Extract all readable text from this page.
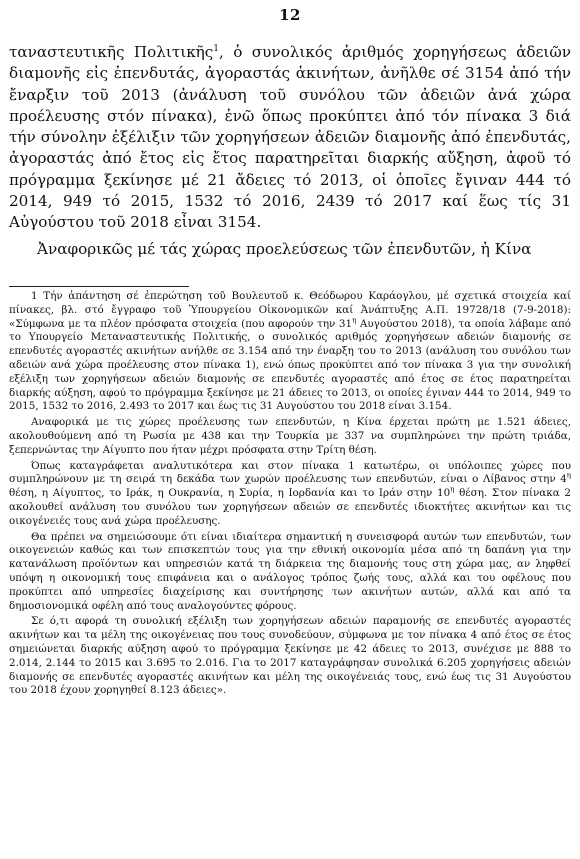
12

ταναστευτικῆς Πολιτικῆς$^1$, ὁ συνολικός ἀριθμός χορηγήσεως ἀδειῶν διαμονῆς εἰς ἐπενδυτάς, ἀγοραστάς ἀκινήτων, ἀνῆλθε σέ 3154 ἀπό τήν ἔναρξιν τοῦ 2013 (ἀνάλυση τοῦ συνόλου τῶν ἀδειῶν ἀνά χώρα προέλευσης στόν πίνακα), ἐνῶ ὅπως προκύπτει ἀπό τόν πίνακα 3 διά τήν σύνολην ἐξέλιξιν τῶν χορηγήσεων ἀδειῶν διαμονῆς ἀπό ἐπενδυτάς, ἀγοραστάς ἀπό ἔτος εἰς ἔτος παρατηρεῖται διαρκής αὔξηση, ἀφοῦ τό πρόγραμμα ξεκίνησε μέ 21 ἄδειες τό 2013, οἱ ὁποῖες ἔγιναν 444 τό 2014, 949 τό 2015, 1532 τό 2016, 2439 τό 2017 καί ἕως τίς 31 Αὐγούστου τοῦ 2018 εἶναι 3154.

Ἀναφορικῶς μέ τάς χώρας προελεύσεως τῶν ἐπενδυτῶν, ἡ Κίνα

1 Τήν ἀπάντηση σέ ἐπερώτηση τοῦ Βουλευτοῦ κ. Θεόδωρου Καράογλου, μέ σχετικά στοιχεία καί πίνακες, βλ. στό ἔγγραφο τοῦ Ὑπουργείου Οἰκονομικῶν καί Ἀνάπτυξης Α.Π. 19728/18 (7-9-2018): «Σύμφωνα με τα πλέον πρόσφατα στοιχεία (που αφορούν την $31^\eta$ Αυγούστου 2018), τα οποία λάβαμε από το Υπουργείο Μεταναστευτικής Πολιτικής, ο συνολικός αριθμός χορηγήσεων αδειών διαμονής σε επενδυτές αγοραστές ακινήτων ανήλθε σε 3.154 από την έναρξη του το 2013 (ανάλυση του συνόλου των αδειών ανά χώρα προέλευσης στον πίνακα 1), ενώ όπως προκύπτει από τον πίνακα 3 για την συνολική εξέλιξη των χορηγήσεων αδειών διαμονής σε επενδυτές αγοραστές από έτος σε έτος παρατηρείται διαρκής αύξηση, αφού το πρόγραμμα ξεκίνησε με 21 άδειες το 2013, οι οποίες έγιναν 444 το 2014, 949 το 2015, 1532 το 2016, 2.493 το 2017 και έως τις 31 Αυγούστου του 2018 είναι 3.154.

Αναφορικά με τις χώρες προέλευσης των επενδυτών, η Κίνα έρχεται πρώτη με 1.521 άδειες, ακολουθούμενη από τη Ρωσία με 438 και την Τουρκία με 337 να συμπληρώνει την πρώτη τριάδα, ξεπερνώντας την Αίγυπτο που ήταν μέχρι πρόσφατα στην Τρίτη θέση.

Όπως καταγράφεται αναλυτικότερα και στον πίνακα 1 κατωτέρω, οι υπόλοιπες χώρες που συμπληρώνουν με τη σειρά τη δεκάδα των χωρών προέλευσης των επενδυτών, είναι ο Λίβανος στην $4^\eta$ θέση, η Αίγυπτος, το Ιράκ, η Ουκρανία, η Συρία, η Ιορδανία και το Ιράν στην $10^\eta$ θέση. Στον πίνακα 2 ακολουθεί ανάλυση του συνόλου των χορηγήσεων αδειών σε επενδυτές ιδιοκτήτες ακινήτων και τις οικογένειές τους ανά χώρα προέλευσης.

Θα πρέπει να σημειώσουμε ότι είναι ιδιαίτερα σημαντική η συνεισφορά αυτών των επενδυτών, των οικογενειών καθώς και των επισκεπτών τους για την εθνική οικονομία μέσα από τη δαπάνη για την κατανάλωση προϊόντων και υπηρεσιών κατά τη διάρκεια της διαμονής τους στη χώρα μας, αν ληφθεί υπόψη η οικονομική τους επιφάνεια και ο ανάλογος τρόπος ζωής τους, αλλά και του οφέλους που προκύπτει από υπηρεσίες διαχείρισης και συντήρησης των ακινήτων αυτών, αλλά και από τα δημοσιονομικά οφέλη από τους αναλογούντες φόρους.

Σε ό,τι αφορά τη συνολική εξέλιξη των χορηγήσεων αδειών παραμονής σε επενδυτές αγοραστές ακινήτων και τα μέλη της οικογένειας που τους συνοδεύουν, σύμφωνα με τον πίνακα 4 από έτος σε έτος σημειώνεται διαρκής αύξηση αφού το πρόγραμμα ξεκίνησε με 42 άδειες το 2013, συνέχισε με 888 το 2.014, 2.144 το 2015 και 3.695 το 2.016. Για το 2017 καταγράφησαν συνολικά 6.205 χορηγήσεις αδειών διαμονής σε επενδυτές αγοραστές ακινήτων και μέλη της οικογένειάς τους, ενώ έως τις 31 Αυγούστου του 2018 έχουν χορηγηθεί 8.123 άδειες».
